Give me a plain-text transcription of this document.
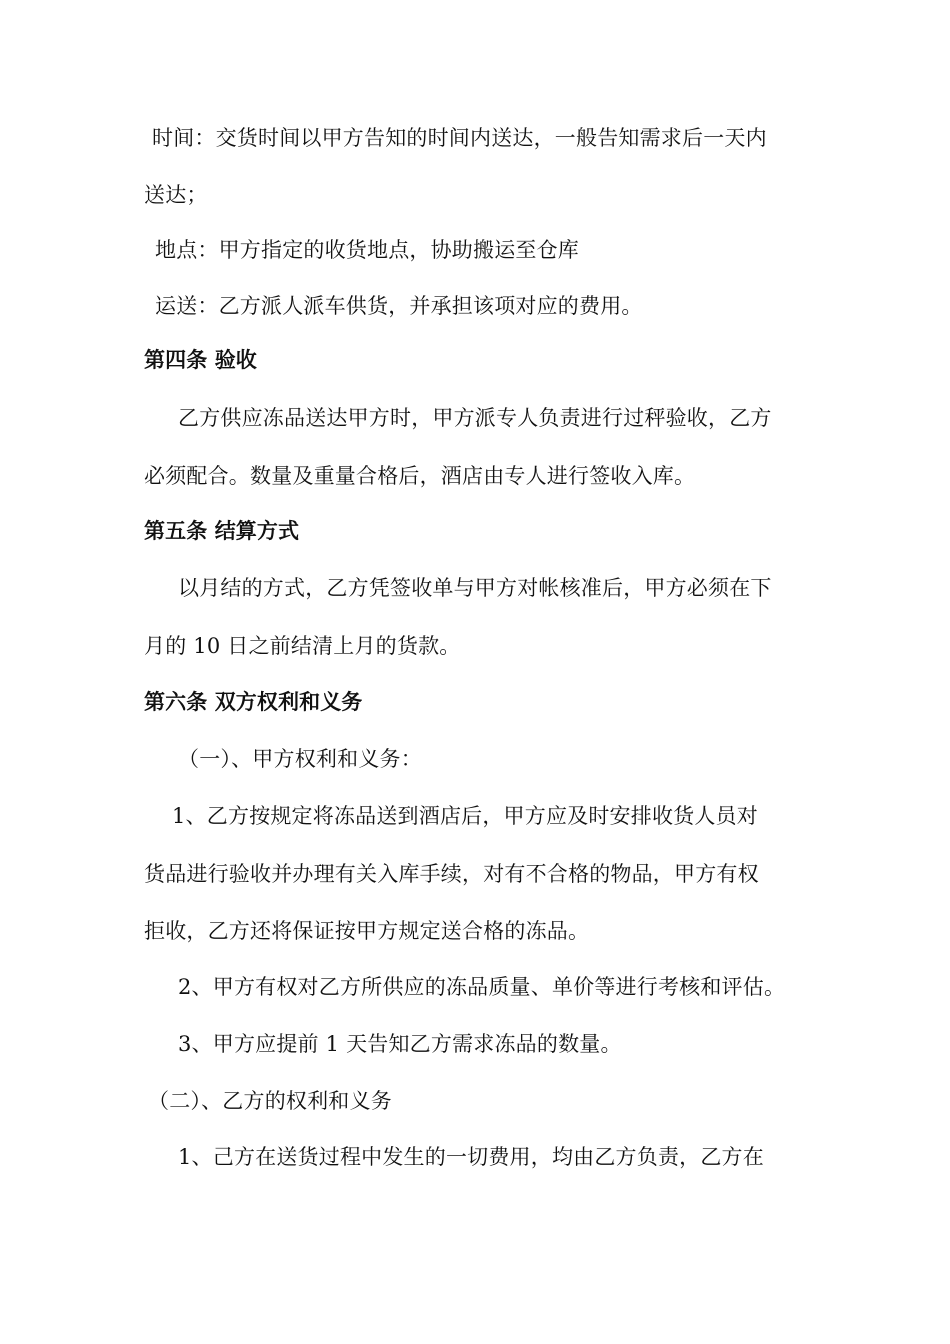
时间：交货时间以甲方告知的时间内送达，一般告知需求后一天内
送达；
地点：甲方指定的收货地点，协助搬运至仓库
运送：乙方派人派车供货，并承担该项对应的费用。
第四条 验收
乙方供应冻品送达甲方时，甲方派专人负责进行过秤验收，乙方
必须配合。数量及重量合格后，酒店由专人进行签收入库。
第五条 结算方式
以月结的方式，乙方凭签收单与甲方对帐核准后，甲方必须在下
月的 10 日之前结清上月的货款。
第六条 双方权利和义务
（一）、甲方权利和义务：
1、乙方按规定将冻品送到酒店后，甲方应及时安排收货人员对
货品进行验收并办理有关入库手续，对有不合格的物品，甲方有权
拒收，乙方还将保证按甲方规定送合格的冻品。
2、甲方有权对乙方所供应的冻品质量、单价等进行考核和评估。
3、甲方应提前 1 天告知乙方需求冻品的数量。
（二）、乙方的权利和义务
1、己方在送货过程中发生的一切费用，均由乙方负责，乙方在
